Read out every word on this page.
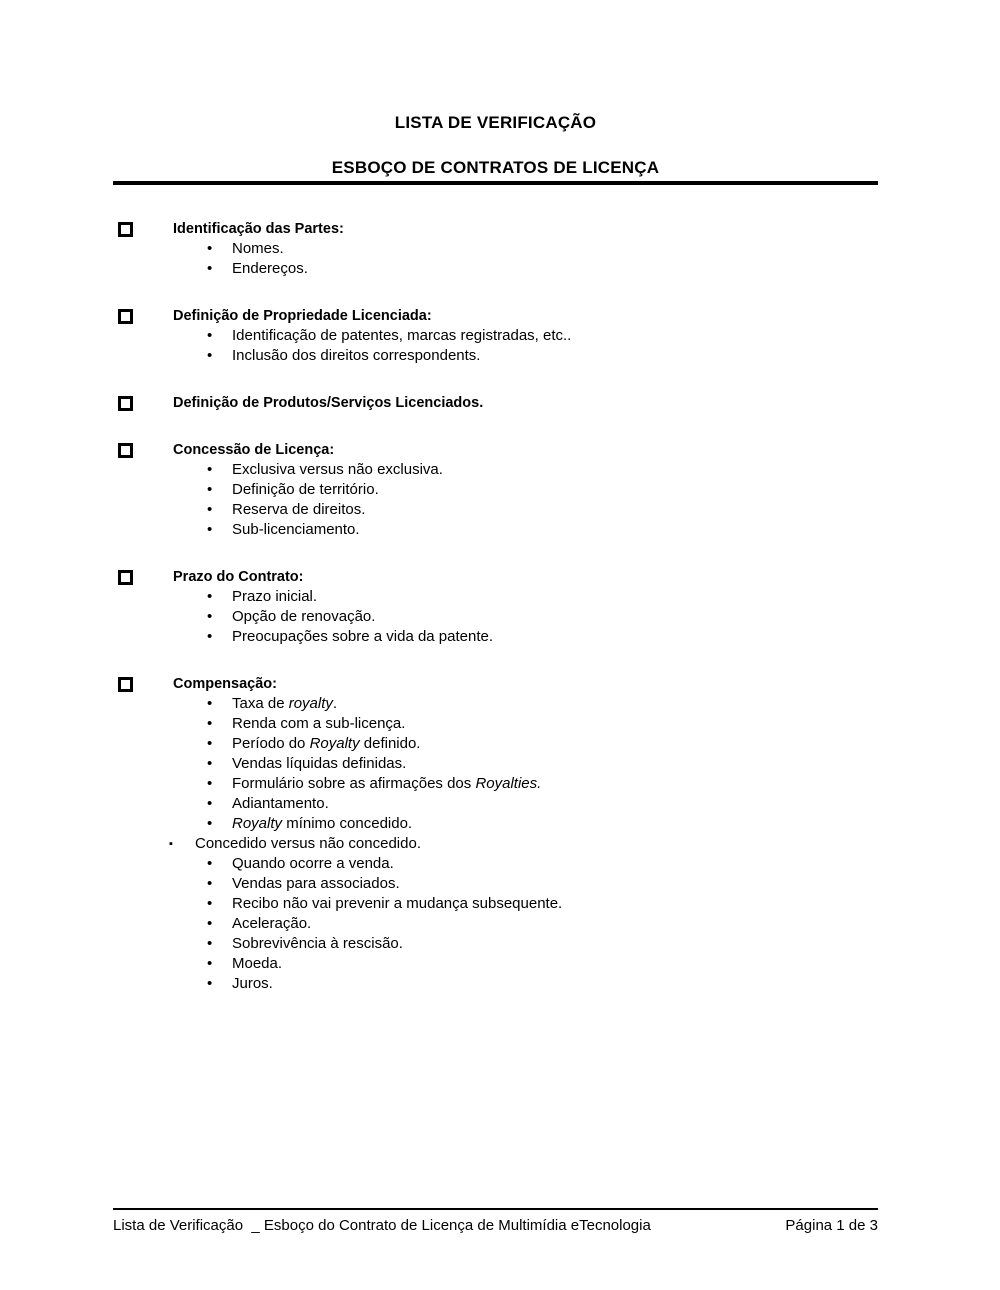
LISTA DE VERIFICAÇÃO
ESBOÇO DE CONTRATOS DE LICENÇA
Identificação das Partes:
• Nomes.
• Endereços.
Definição de Propriedade Licenciada:
• Identificação de patentes, marcas registradas, etc..
• Inclusão dos direitos correspondents.
Definição de Produtos/Serviços Licenciados.
Concessão de Licença:
• Exclusiva versus não exclusiva.
• Definição de território.
• Reserva de direitos.
• Sub-licenciamento.
Prazo do Contrato:
• Prazo inicial.
• Opção de renovação.
• Preocupações sobre a vida da patente.
Compensação:
• Taxa de royalty.
• Renda com a sub-licença.
• Período do Royalty definido.
• Vendas líquidas definidas.
• Formulário sobre as afirmações dos Royalties.
• Adiantamento.
• Royalty mínimo concedido.
▪ Concedido versus não concedido.
• Quando ocorre a venda.
• Vendas para associados.
• Recibo não vai prevenir a mudança subsequente.
• Aceleração.
• Sobrevivência à rescisão.
• Moeda.
• Juros.
Lista de Verificação  _ Esboço do Contrato de Licença de Multimídia eTecnologia	Página 1 de 3
